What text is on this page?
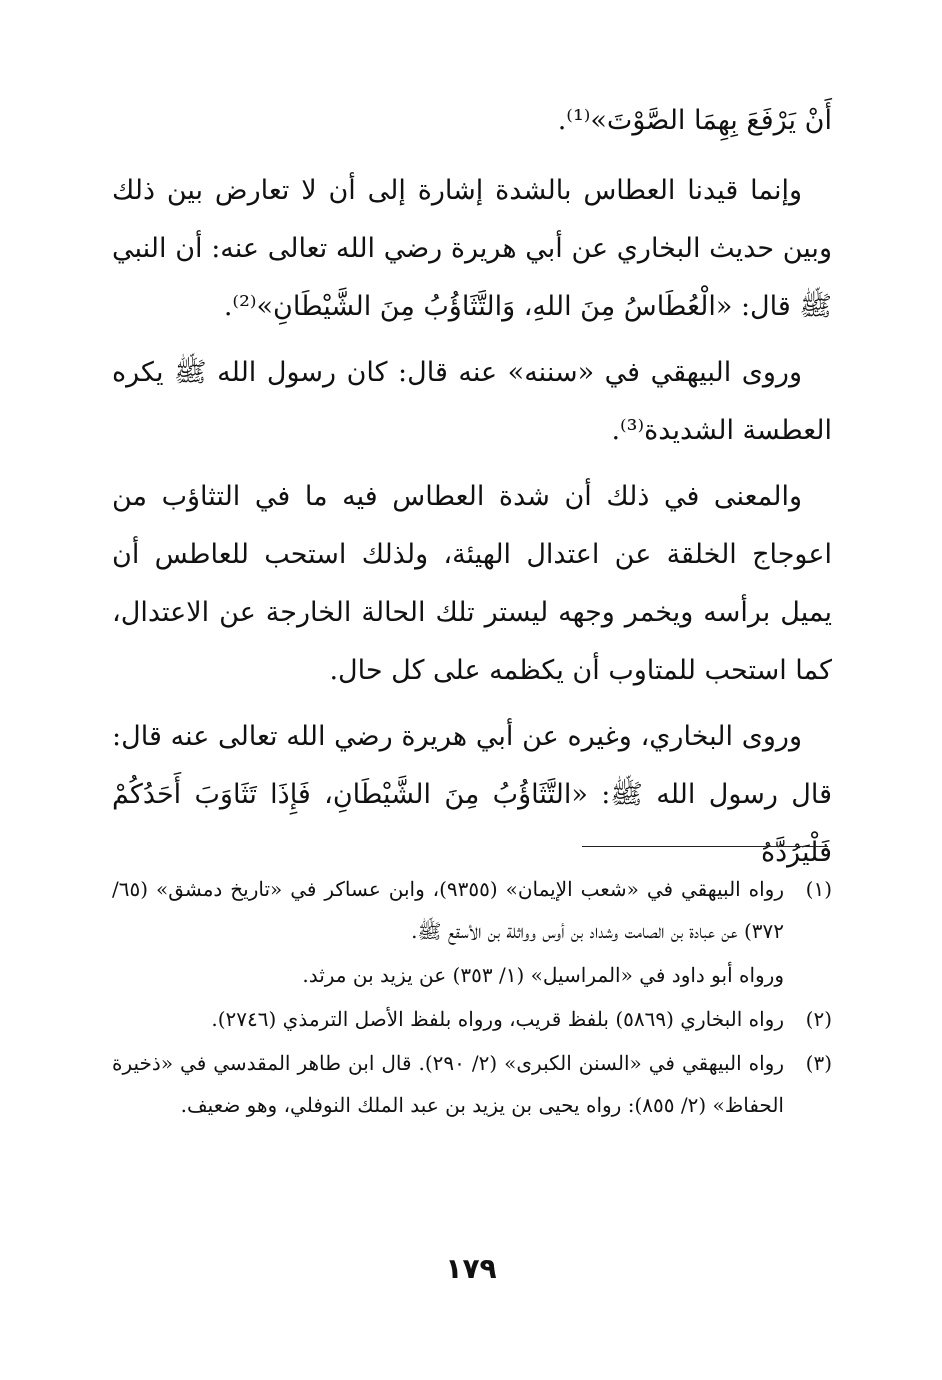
أَنْ يَرْفَعَ بِهِمَا الصَّوْتَ»⁽¹⁾.

وإنما قيدنا العطاس بالشدة إشارة إلى أن لا تعارض بين ذلك وبين حديث البخاري عن أبي هريرة رضي الله تعالى عنه: أن النبي ﷺ قال: «الْعُطَاسُ مِنَ اللهِ، وَالتَّثَاؤُبُ مِنَ الشَّيْطَانِ»⁽²⁾.

وروى البيهقي في «سننه» عنه قال: كان رسول الله ﷺ يكره العطسة الشديدة⁽³⁾.

والمعنى في ذلك أن شدة العطاس فيه ما في التثاؤب من اعوجاج الخلقة عن اعتدال الهيئة، ولذلك استحب للعاطس أن يميل برأسه ويخمر وجهه ليستر تلك الحالة الخارجة عن الاعتدال، كما استحب للمتاوب أن يكظمه على كل حال.

وروى البخاري، وغيره عن أبي هريرة رضي الله تعالى عنه قال: قال رسول الله ﷺ: «التَّثَاؤُبُ مِنَ الشَّيْطَانِ، فَإِذَا تَثَاوَبَ أَحَدُكُمْ فَلْيَرُدَّهُ

(١)
رواه البيهقي في «شعب الإيمان» (٩٣٥٥)، وابن عساكر في «تاريخ دمشق» (٦٥/ ٣٧٢) عن عبادة بن الصامت وشداد بن أوس وواثلة بن الأسقع ﷺ.
ورواه أبو داود في «المراسيل» (١/ ٣٥٣) عن يزيد بن مرثد.
(٢)
رواه البخاري (٥٨٦٩) بلفظ قريب، ورواه بلفظ الأصل الترمذي (٢٧٤٦).
(٣)
رواه البيهقي في «السنن الكبرى» (٢/ ٢٩٠). قال ابن طاهر المقدسي في «ذخيرة الحفاظ» (٢/ ٨٥٥): رواه يحيى بن يزيد بن عبد الملك النوفلي، وهو ضعيف.
١٧٩
